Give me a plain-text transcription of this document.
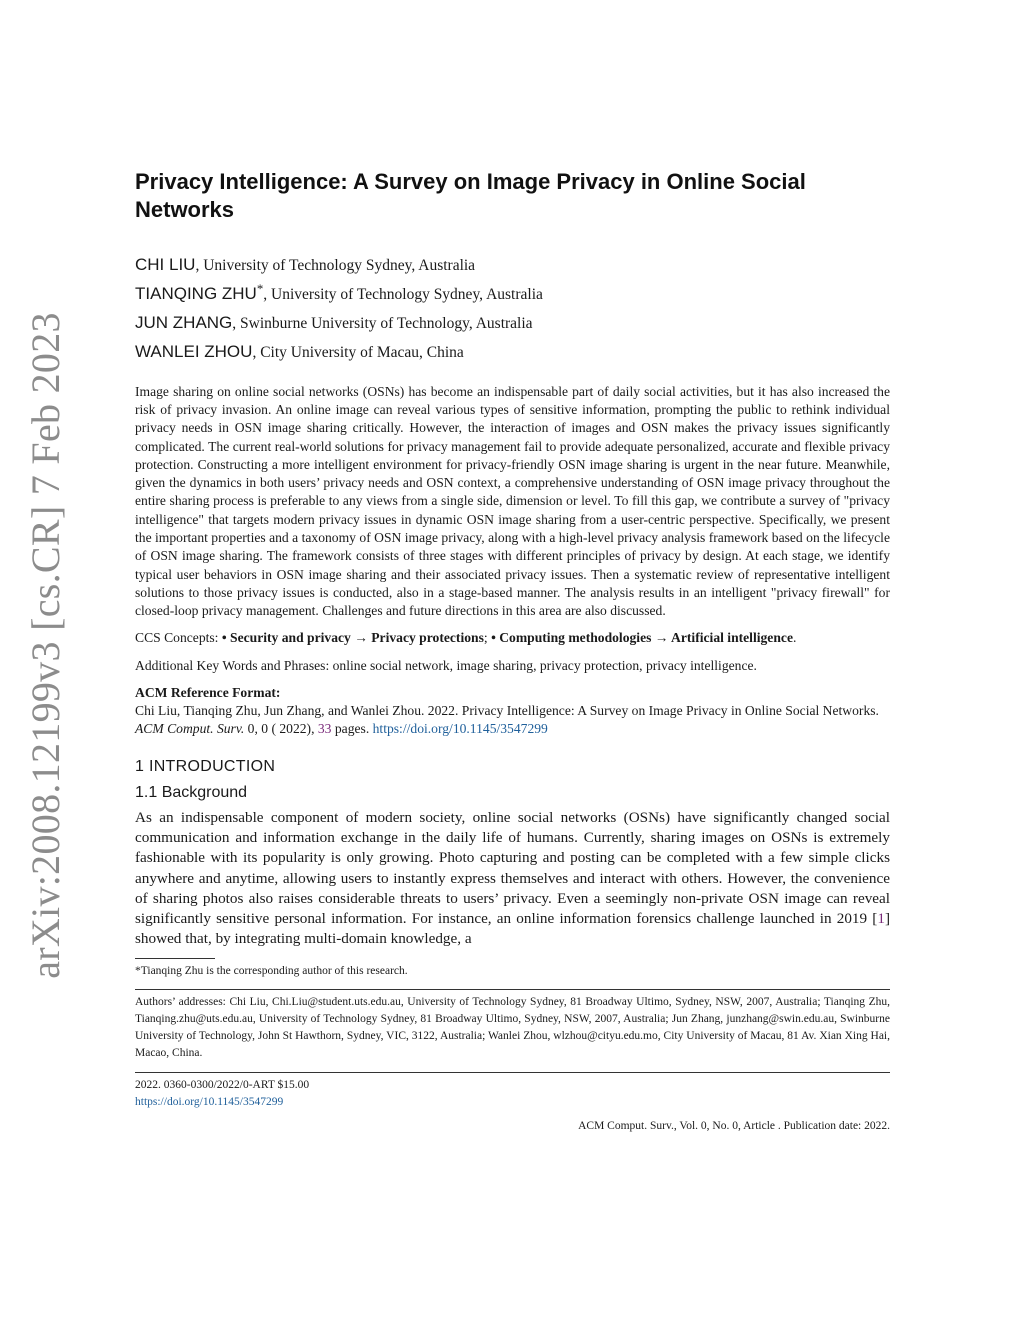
arXiv:2008.12199v3 [cs.CR] 7 Feb 2023
Privacy Intelligence: A Survey on Image Privacy in Online Social Networks
CHI LIU, University of Technology Sydney, Australia
TIANQING ZHU*, University of Technology Sydney, Australia
JUN ZHANG, Swinburne University of Technology, Australia
WANLEI ZHOU, City University of Macau, China
Image sharing on online social networks (OSNs) has become an indispensable part of daily social activities, but it has also increased the risk of privacy invasion. An online image can reveal various types of sensitive information, prompting the public to rethink individual privacy needs in OSN image sharing critically. However, the interaction of images and OSN makes the privacy issues significantly complicated. The current real-world solutions for privacy management fail to provide adequate personalized, accurate and flexible privacy protection. Constructing a more intelligent environment for privacy-friendly OSN image sharing is urgent in the near future. Meanwhile, given the dynamics in both users’ privacy needs and OSN context, a comprehensive understanding of OSN image privacy throughout the entire sharing process is preferable to any views from a single side, dimension or level. To fill this gap, we contribute a survey of "privacy intelligence" that targets modern privacy issues in dynamic OSN image sharing from a user-centric perspective. Specifically, we present the important properties and a taxonomy of OSN image privacy, along with a high-level privacy analysis framework based on the lifecycle of OSN image sharing. The framework consists of three stages with different principles of privacy by design. At each stage, we identify typical user behaviors in OSN image sharing and their associated privacy issues. Then a systematic review of representative intelligent solutions to those privacy issues is conducted, also in a stage-based manner. The analysis results in an intelligent "privacy firewall" for closed-loop privacy management. Challenges and future directions in this area are also discussed.
CCS Concepts: • Security and privacy → Privacy protections; • Computing methodologies → Artificial intelligence.
Additional Key Words and Phrases: online social network, image sharing, privacy protection, privacy intelligence.
ACM Reference Format:
Chi Liu, Tianqing Zhu, Jun Zhang, and Wanlei Zhou. 2022. Privacy Intelligence: A Survey on Image Privacy in Online Social Networks. ACM Comput. Surv. 0, 0 ( 2022), 33 pages. https://doi.org/10.1145/3547299
1 INTRODUCTION
1.1 Background
As an indispensable component of modern society, online social networks (OSNs) have significantly changed social communication and information exchange in the daily life of humans. Currently, sharing images on OSNs is extremely fashionable with its popularity is only growing. Photo capturing and posting can be completed with a few simple clicks anywhere and anytime, allowing users to instantly express themselves and interact with others. However, the convenience of sharing photos also raises considerable threats to users’ privacy. Even a seemingly non-private OSN image can reveal significantly sensitive personal information. For instance, an online information forensics challenge launched in 2019 [1] showed that, by integrating multi-domain knowledge, a
*Tianqing Zhu is the corresponding author of this research.
Authors’ addresses: Chi Liu, Chi.Liu@student.uts.edu.au, University of Technology Sydney, 81 Broadway Ultimo, Sydney, NSW, 2007, Australia; Tianqing Zhu, Tianqing.zhu@uts.edu.au, University of Technology Sydney, 81 Broadway Ultimo, Sydney, NSW, 2007, Australia; Jun Zhang, junzhang@swin.edu.au, Swinburne University of Technology, John St Hawthorn, Sydney, VIC, 3122, Australia; Wanlei Zhou, wlzhou@cityu.edu.mo, City University of Macau, 81 Av. Xian Xing Hai, Macao, China.
2022. 0360-0300/2022/0-ART $15.00
https://doi.org/10.1145/3547299
ACM Comput. Surv., Vol. 0, No. 0, Article . Publication date: 2022.
